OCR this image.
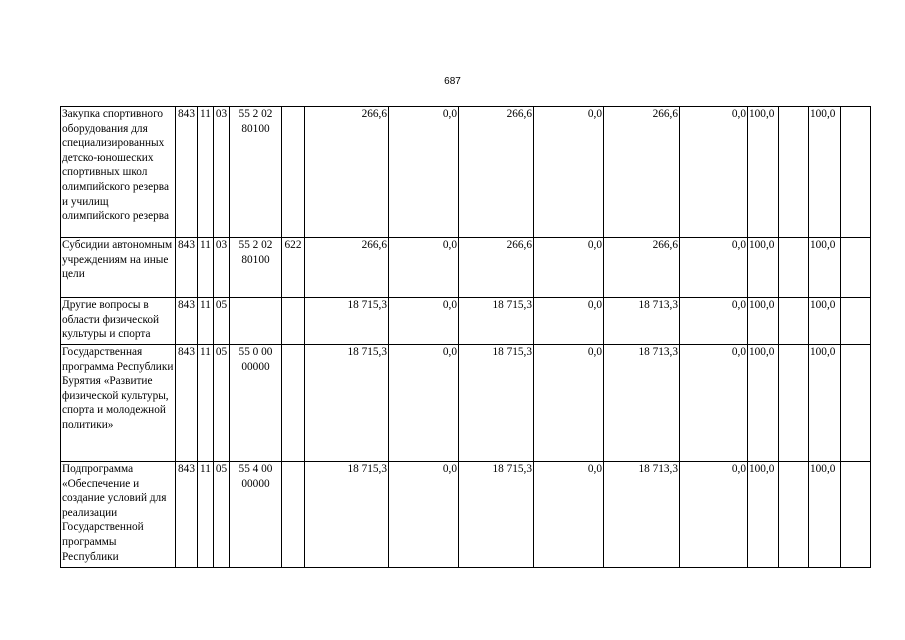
687
Закупка спортивного оборудования для специализированных детско-юношеских спортивных школ олимпийского резерва и училищ олимпийского резерва	843	11	03	55 2 02 80100		266,6	0,0	266,6	0,0	266,6	0,0	100,0		100,0	
Субсидии автономным учреждениям на иные цели	843	11	03	55 2 02 80100	622	266,6	0,0	266,6	0,0	266,6	0,0	100,0		100,0	
Другие вопросы в области физической культуры и спорта	843	11	05			18 715,3	0,0	18 715,3	0,0	18 713,3	0,0	100,0		100,0	
Государственная программа Республики Бурятия «Развитие физической культуры, спорта и молодежной политики»	843	11	05	55 0 00 00000		18 715,3	0,0	18 715,3	0,0	18 713,3	0,0	100,0		100,0	
Подпрограмма «Обеспечение и создание условий для реализации Государственной программы Республики	843	11	05	55 4 00 00000		18 715,3	0,0	18 715,3	0,0	18 713,3	0,0	100,0		100,0	
